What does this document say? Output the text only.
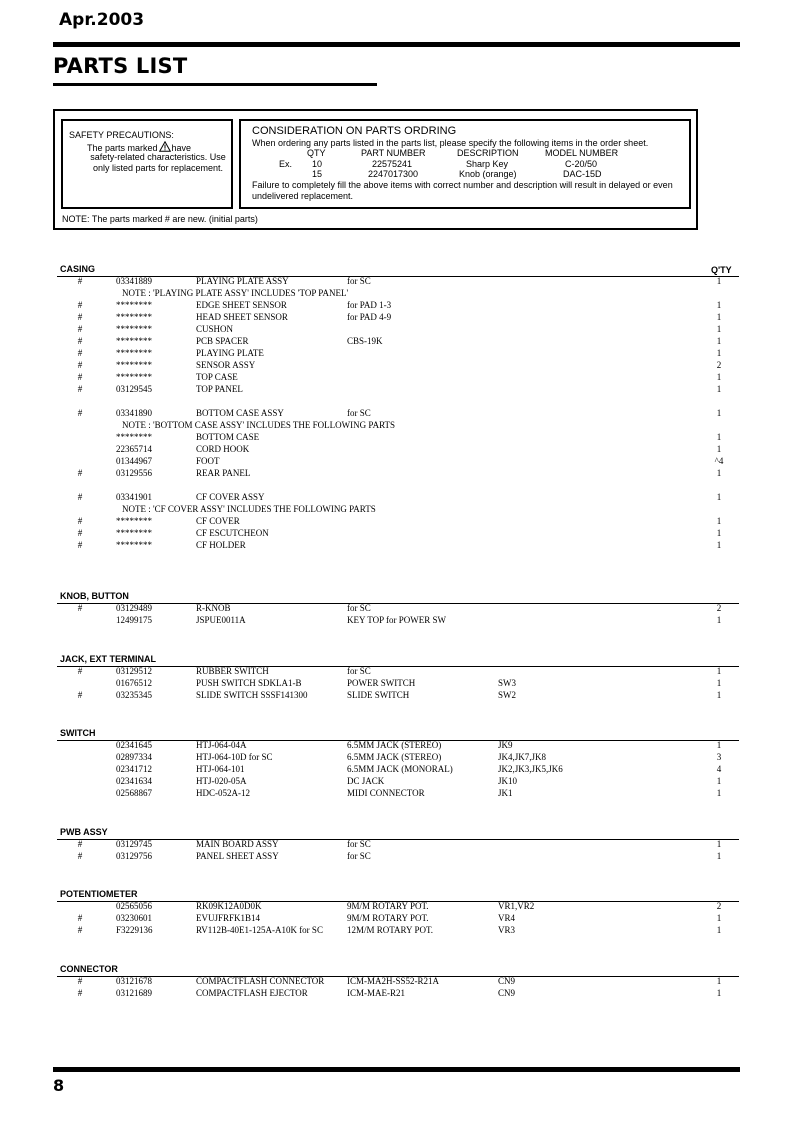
Apr.2003
PARTS LIST
SAFETY PRECAUTIONS:

The parts marked have
safety-related characteristics. Use
only listed parts for replacement.
CONSIDERATION ON PARTS ORDRING
When ordering any parts listed in the parts list, please specify the following items in the order sheet.
QTY	PART NUMBER	DESCRIPTION	MODEL NUMBER
Ex. 10	22575241	Sharp Key	C-20/50
15	2247017300	Knob (orange)	DAC-15D
Failure to completely fill the above items with correct number and description will result in delayed or even undelivered replacement.
NOTE: The parts marked # are new. (initial parts)
Q'TY
CASING
#	03341889	PLAYING PLATE ASSY	for SC	1
NOTE : 'PLAYING PLATE ASSY' INCLUDES 'TOP PANEL'
#	********	EDGE SHEET SENSOR	for PAD 1-3	1
#	********	HEAD SHEET SENSOR	for PAD 4-9	1
#	********	CUSHON	1
#	********	PCB SPACER	CBS-19K	1
#	********	PLAYING PLATE	1
#	********	SENSOR ASSY	2
#	********	TOP CASE	1
#	03129545	TOP PANEL	1
#	03341890	BOTTOM CASE ASSY	for SC	1
NOTE : 'BOTTOM CASE ASSY' INCLUDES THE FOLLOWING PARTS
********	BOTTOM CASE	1
22365714	CORD HOOK	1
01344967	FOOT	^4
#	03129556	REAR PANEL	1
#	03341901	CF COVER ASSY	1
NOTE : 'CF COVER ASSY' INCLUDES THE FOLLOWING PARTS
#	********	CF COVER	1
#	********	CF ESCUTCHEON	1
#	********	CF HOLDER	1
KNOB, BUTTON
#	03129489	R-KNOB	for SC	2
12499175	JSPUE0011A	KEY TOP for POWER SW	1
JACK, EXT TERMINAL
#	03129512	RUBBER SWITCH	for SC	1
01676512	PUSH SWITCH SDKLA1-B	POWER SWITCH	SW3	1
#	03235345	SLIDE SWITCH SSSF141300	SLIDE SWITCH	SW2	1
SWITCH
02341645	HTJ-064-04A	6.5MM JACK (STEREO)	JK9	1
02897334	HTJ-064-10D for SC	6.5MM JACK (STEREO)	JK4,JK7,JK8	3
02341712	HTJ-064-101	6.5MM JACK (MONORAL)	JK2,JK3,JK5,JK6	4
02341634	HTJ-020-05A	DC JACK	JK10	1
02568867	HDC-052A-12	MIDI CONNECTOR	JK1	1
PWB ASSY
#	03129745	MAIN BOARD ASSY	for SC	1
#	03129756	PANEL SHEET ASSY	for SC	1
POTENTIOMETER
02565056	RK09K12A0D0K	9M/M ROTARY POT.	VR1,VR2	2
#	03230601	EVUJFRFK1B14	9M/M ROTARY POT.	VR4	1
#	F3229136	RV112B-40E1-125A-A10K for SC	12M/M ROTARY POT.	VR3	1
CONNECTOR
#	03121678	COMPACTFLASH CONNECTOR	ICM-MA2H-SS52-R21A	CN9	1
#	03121689	COMPACTFLASH EJECTOR	ICM-MAE-R21	CN9	1
8
